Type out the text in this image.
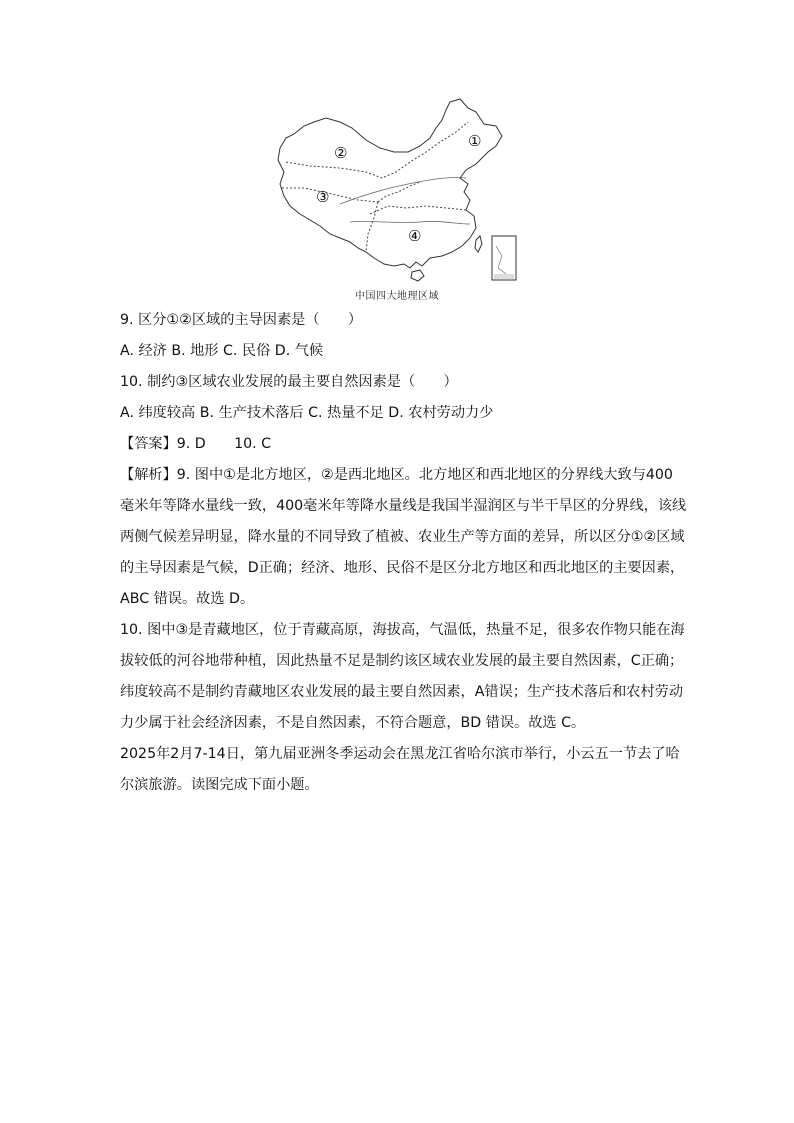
①
②
③
④
中国四大地理区域
9. 区分①②区域的主导因素是（　　）
A. 经济 B. 地形 C. 民俗 D. 气候
10. 制约③区域农业发展的最主要自然因素是（　　）
A. 纬度较高 B. 生产技术落后 C. 热量不足 D. 农村劳动力少
【答案】9. D　　10. C
【解析】9. 图中①是北方地区，②是西北地区。北方地区和西北地区的分界线大致与400
毫米年等降水量线一致，400毫米年等降水量线是我国半湿润区与半干旱区的分界线，该线
两侧气候差异明显，降水量的不同导致了植被、农业生产等方面的差异，所以区分①②区域
的主导因素是气候，D正确；经济、地形、民俗不是区分北方地区和西北地区的主要因素，
ABC 错误。故选 D。
10. 图中③是青藏地区，位于青藏高原，海拔高，气温低，热量不足，很多农作物只能在海
拔较低的河谷地带种植，因此热量不足是制约该区域农业发展的最主要自然因素，C正确；
纬度较高不是制约青藏地区农业发展的最主要自然因素，A错误；生产技术落后和农村劳动
力少属于社会经济因素，不是自然因素，不符合题意，BD 错误。故选 C。
2025年2月7-14日，第九届亚洲冬季运动会在黑龙江省哈尔滨市举行，小云五一节去了哈
尔滨旅游。读图完成下面小题。
